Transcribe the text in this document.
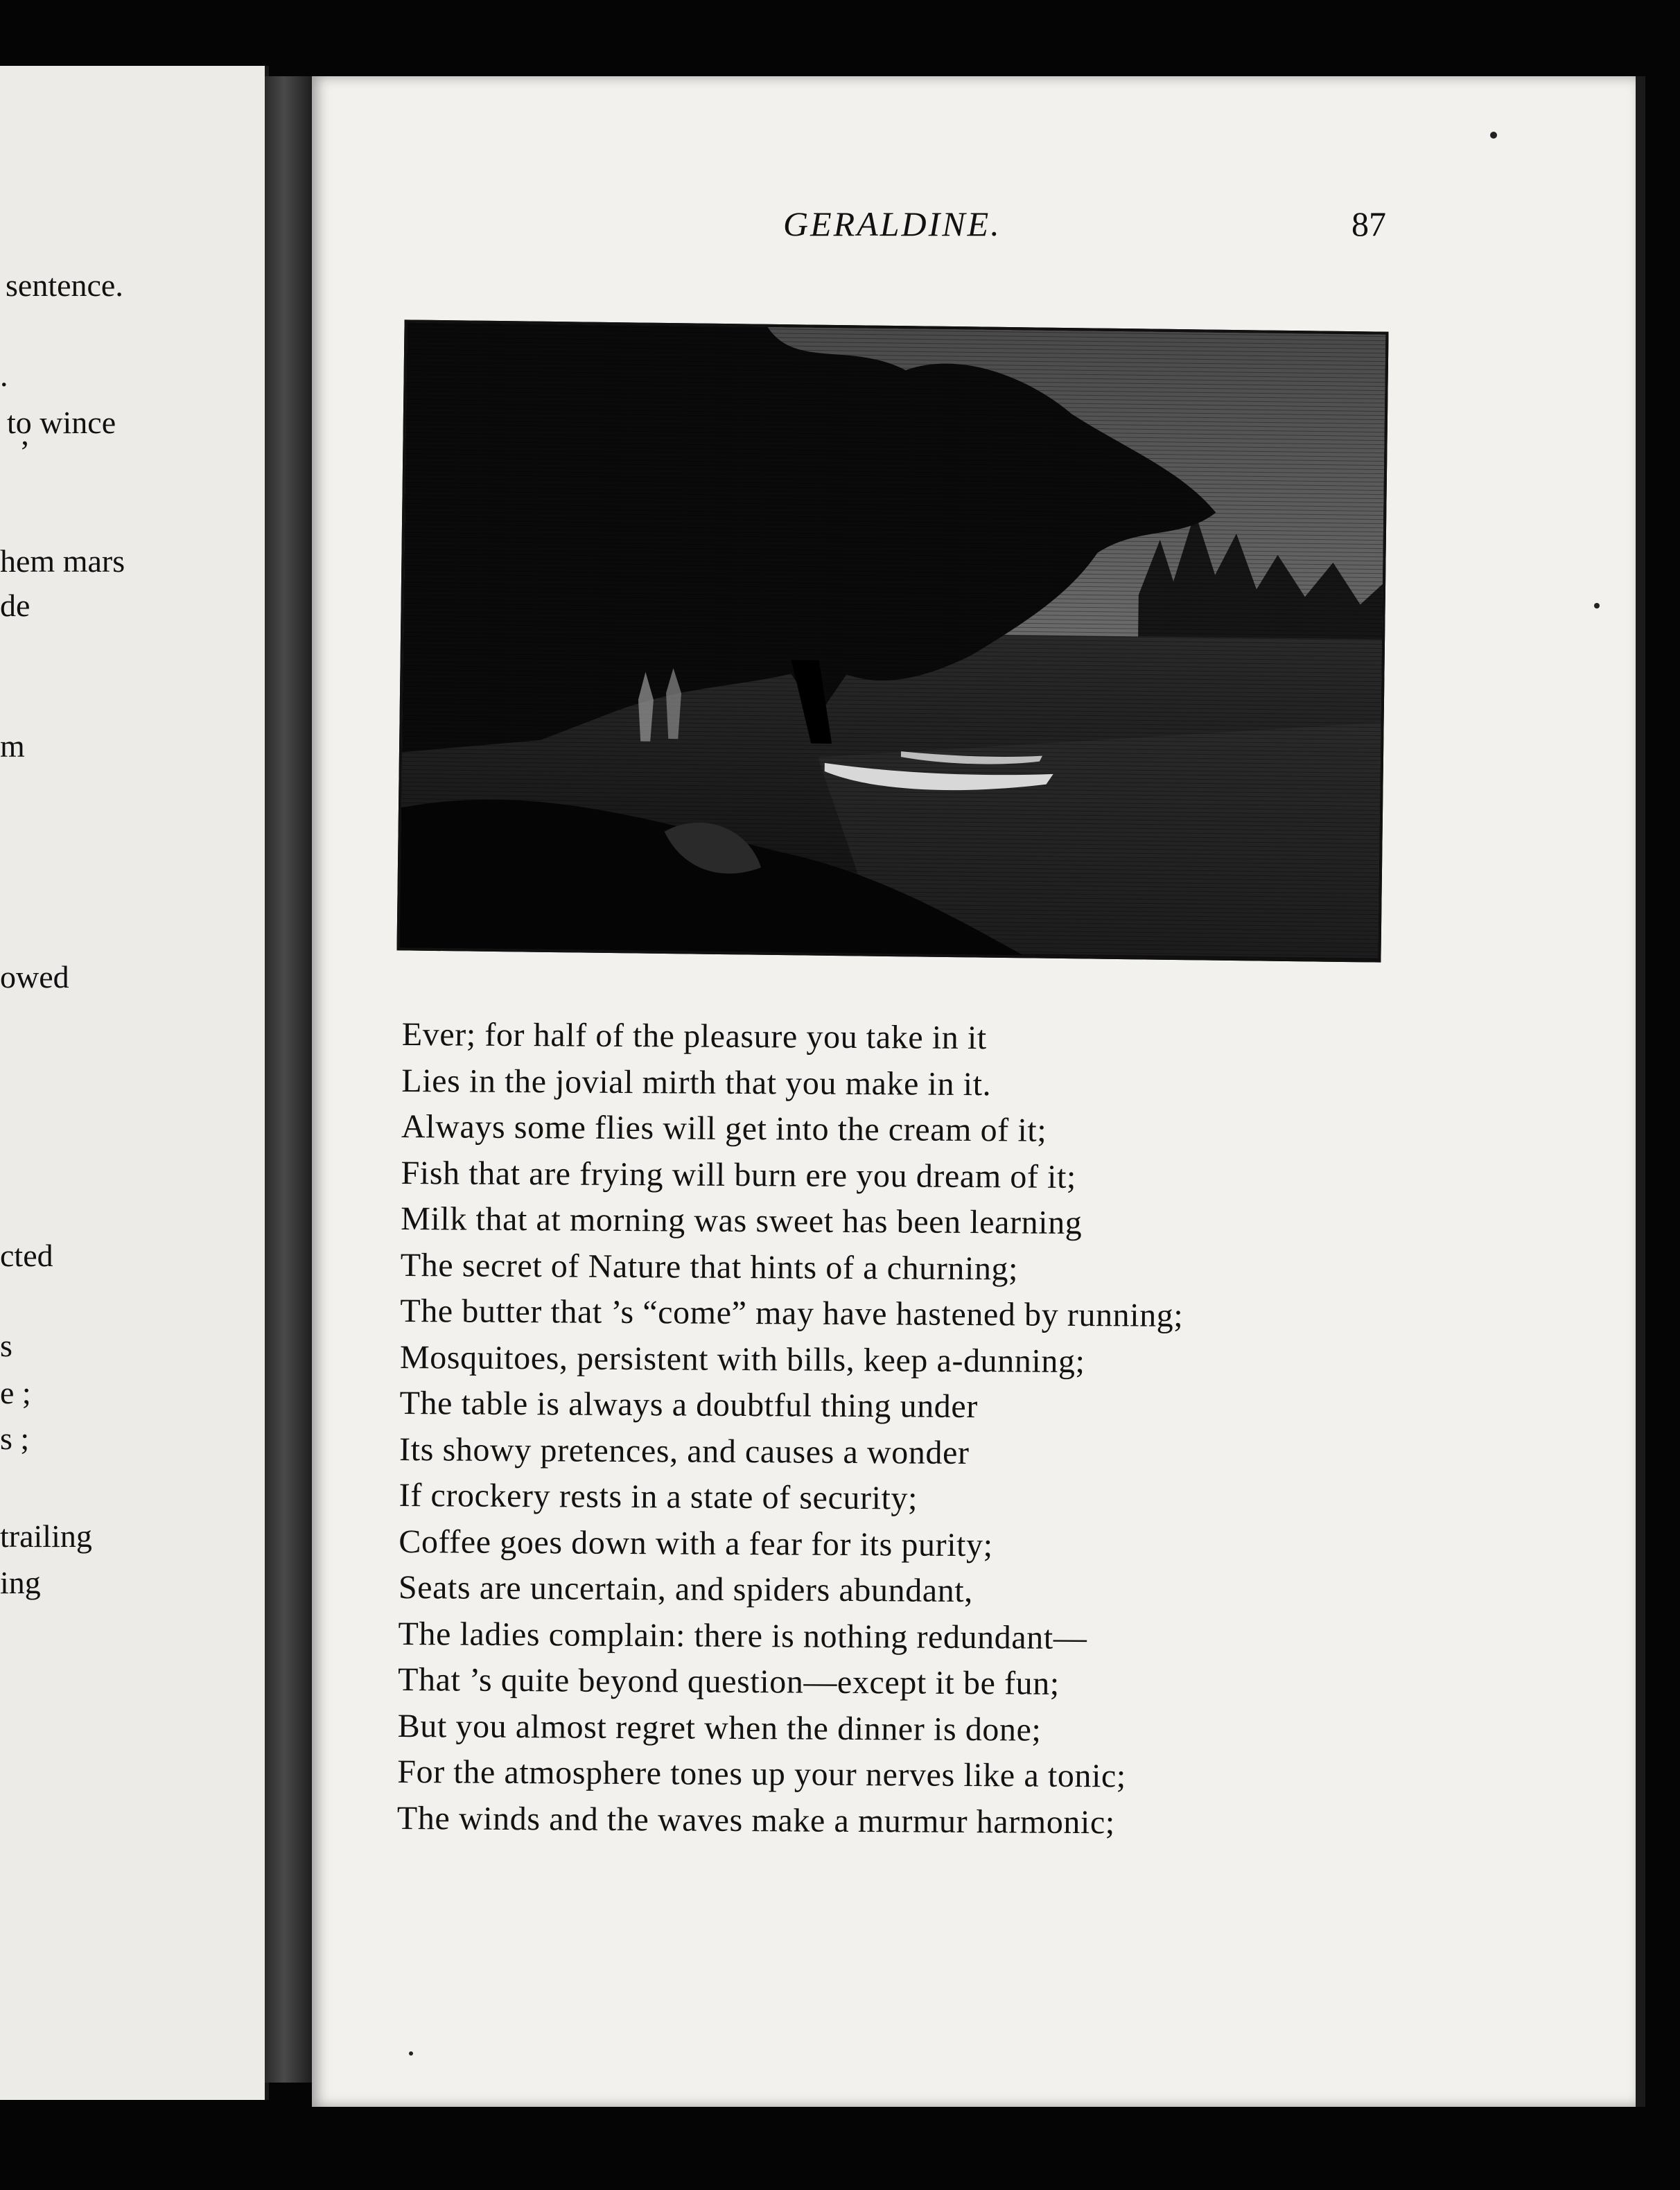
sentence.
.
to wince
’
hem mars
de
m
owed
cted
s
e ;
s ;
trailing
ing
GERALDINE.	87
Ever; for half of the pleasure you take in it
Lies in the jovial mirth that you make in it.
Always some flies will get into the cream of it;
Fish that are frying will burn ere you dream of it;
Milk that at morning was sweet has been learning
The secret of Nature that hints of a churning;
The butter that ’s “come” may have hastened by running;
Mosquitoes, persistent with bills, keep a-dunning;
The table is always a doubtful thing under
Its showy pretences, and causes a wonder
If crockery rests in a state of security;
Coffee goes down with a fear for its purity;
Seats are uncertain, and spiders abundant,
The ladies complain: there is nothing redundant—
That ’s quite beyond question—except it be fun;
But you almost regret when the dinner is done;
For the atmosphere tones up your nerves like a tonic;
The winds and the waves make a murmur harmonic;
